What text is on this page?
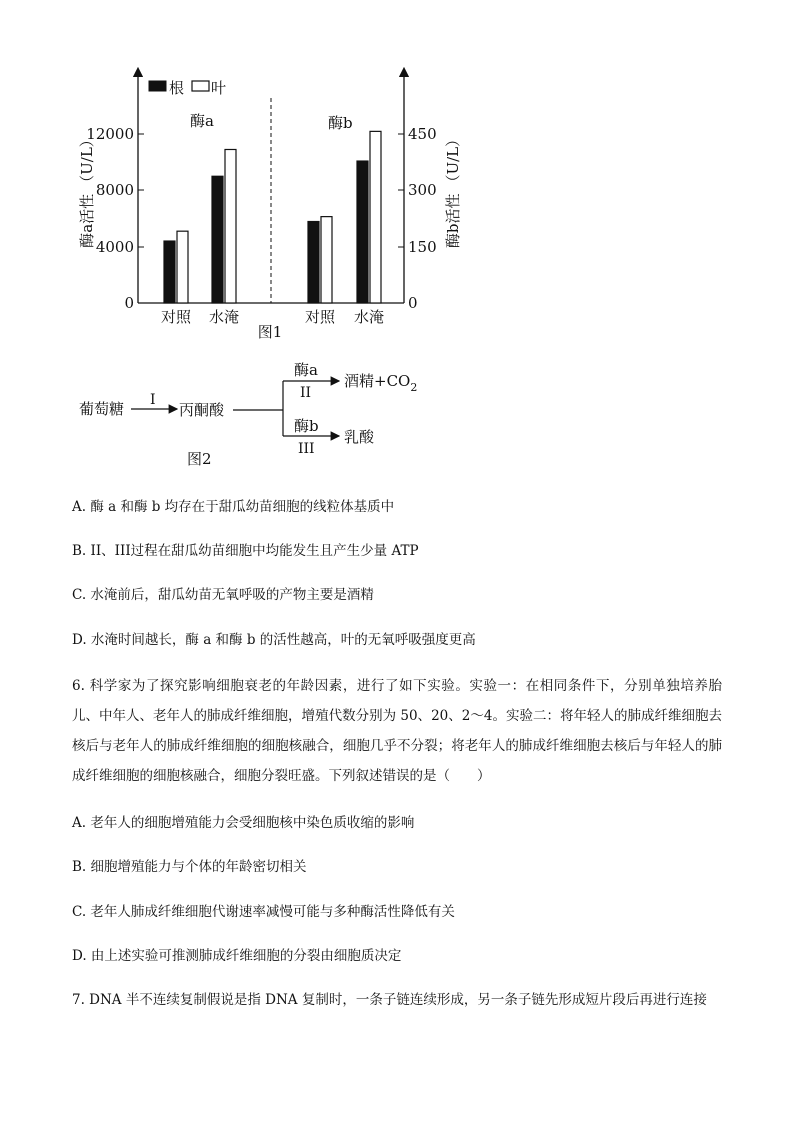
0
4000
8000
12000
0
150
300
450
酶a活性（U/L）
酶b活性（U/L）
根 叶
酶a	酶b
对照 水淹	对照 水淹
图1
葡萄糖 I
丙酮酸
酶a
II
酒精$+CO_2$
酶b
III
乳酸
图2
A. 酶 a 和酶 b 均存在于甜瓜幼苗细胞的线粒体基质中
B. II、III过程在甜瓜幼苗细胞中均能发生且产生少量 ATP
C. 水淹前后，甜瓜幼苗无氧呼吸的产物主要是酒精
D. 水淹时间越长，酶 a 和酶 b 的活性越高，叶的无氧呼吸强度更高
6. 科学家为了探究影响细胞衰老的年龄因素，进行了如下实验。实验一：在相同条件下，分别单独培养胎儿、中年人、老年人的肺成纤维细胞，增殖代数分别为 50、20、2～4。实验二：将年轻人的肺成纤维细胞去核后与老年人的肺成纤维细胞的细胞核融合，细胞几乎不分裂；将老年人的肺成纤维细胞去核后与年轻人的肺成纤维细胞的细胞核融合，细胞分裂旺盛。下列叙述错误的是（　　）
A. 老年人的细胞增殖能力会受细胞核中染色质收缩的影响
B. 细胞增殖能力与个体的年龄密切相关
C. 老年人肺成纤维细胞代谢速率减慢可能与多种酶活性降低有关
D. 由上述实验可推测肺成纤维细胞的分裂由细胞质决定
7. DNA 半不连续复制假说是指 DNA 复制时，一条子链连续形成，另一条子链先形成短片段后再进行连接
